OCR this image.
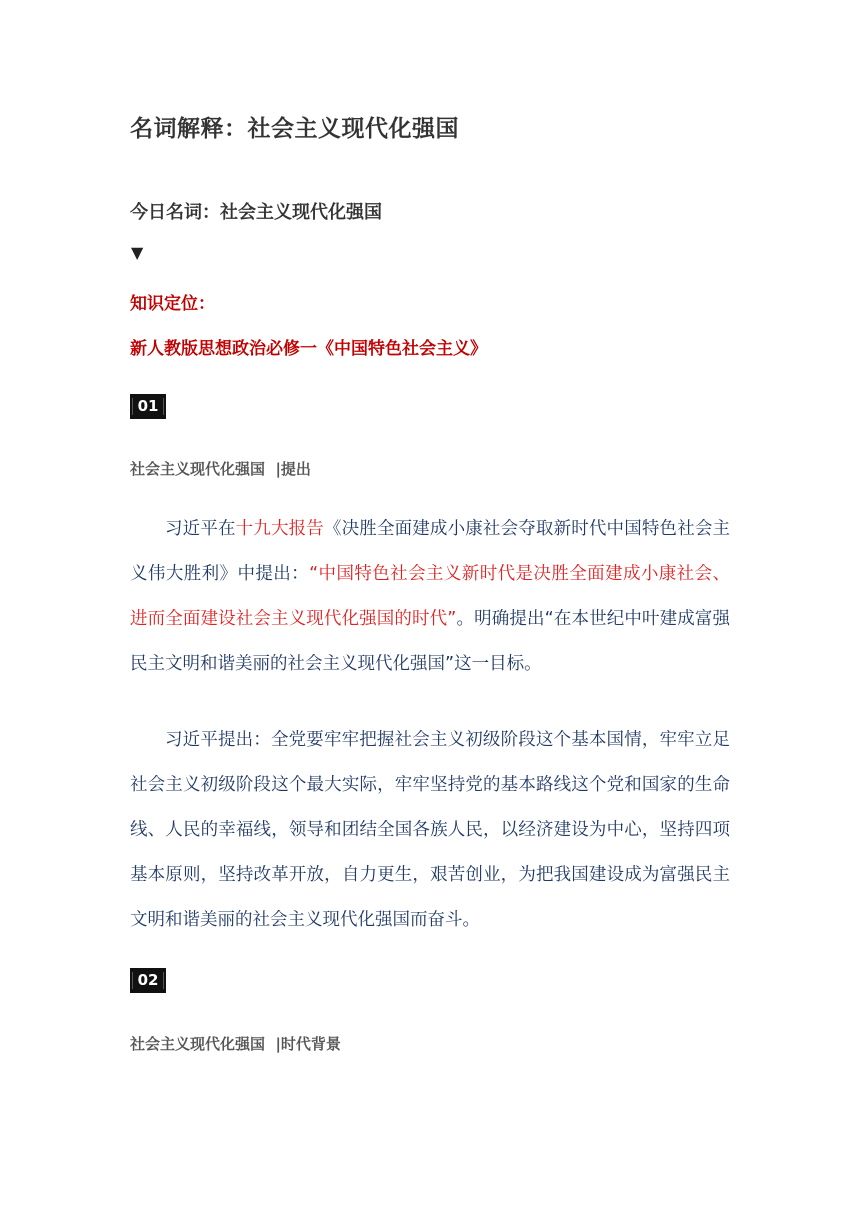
名词解释：社会主义现代化强国
今日名词：社会主义现代化强国
▼
知识定位：
新人教版思想政治必修一《中国特色社会主义》
01
社会主义现代化强国  |提出

习近平在十九大报告《决胜全面建成小康社会夺取新时代中国特色社会主义伟大胜利》中提出：“中国特色社会主义新时代是决胜全面建成小康社会、进而全面建设社会主义现代化强国的时代”。明确提出“在本世纪中叶建成富强民主文明和谐美丽的社会主义现代化强国”这一目标。

习近平提出：全党要牢牢把握社会主义初级阶段这个基本国情，牢牢立足社会主义初级阶段这个最大实际，牢牢坚持党的基本路线这个党和国家的生命线、人民的幸福线，领导和团结全国各族人民，以经济建设为中心，坚持四项基本原则，坚持改革开放，自力更生，艰苦创业，为把我国建设成为富强民主文明和谐美丽的社会主义现代化强国而奋斗。

02
社会主义现代化强国  |时代背景
